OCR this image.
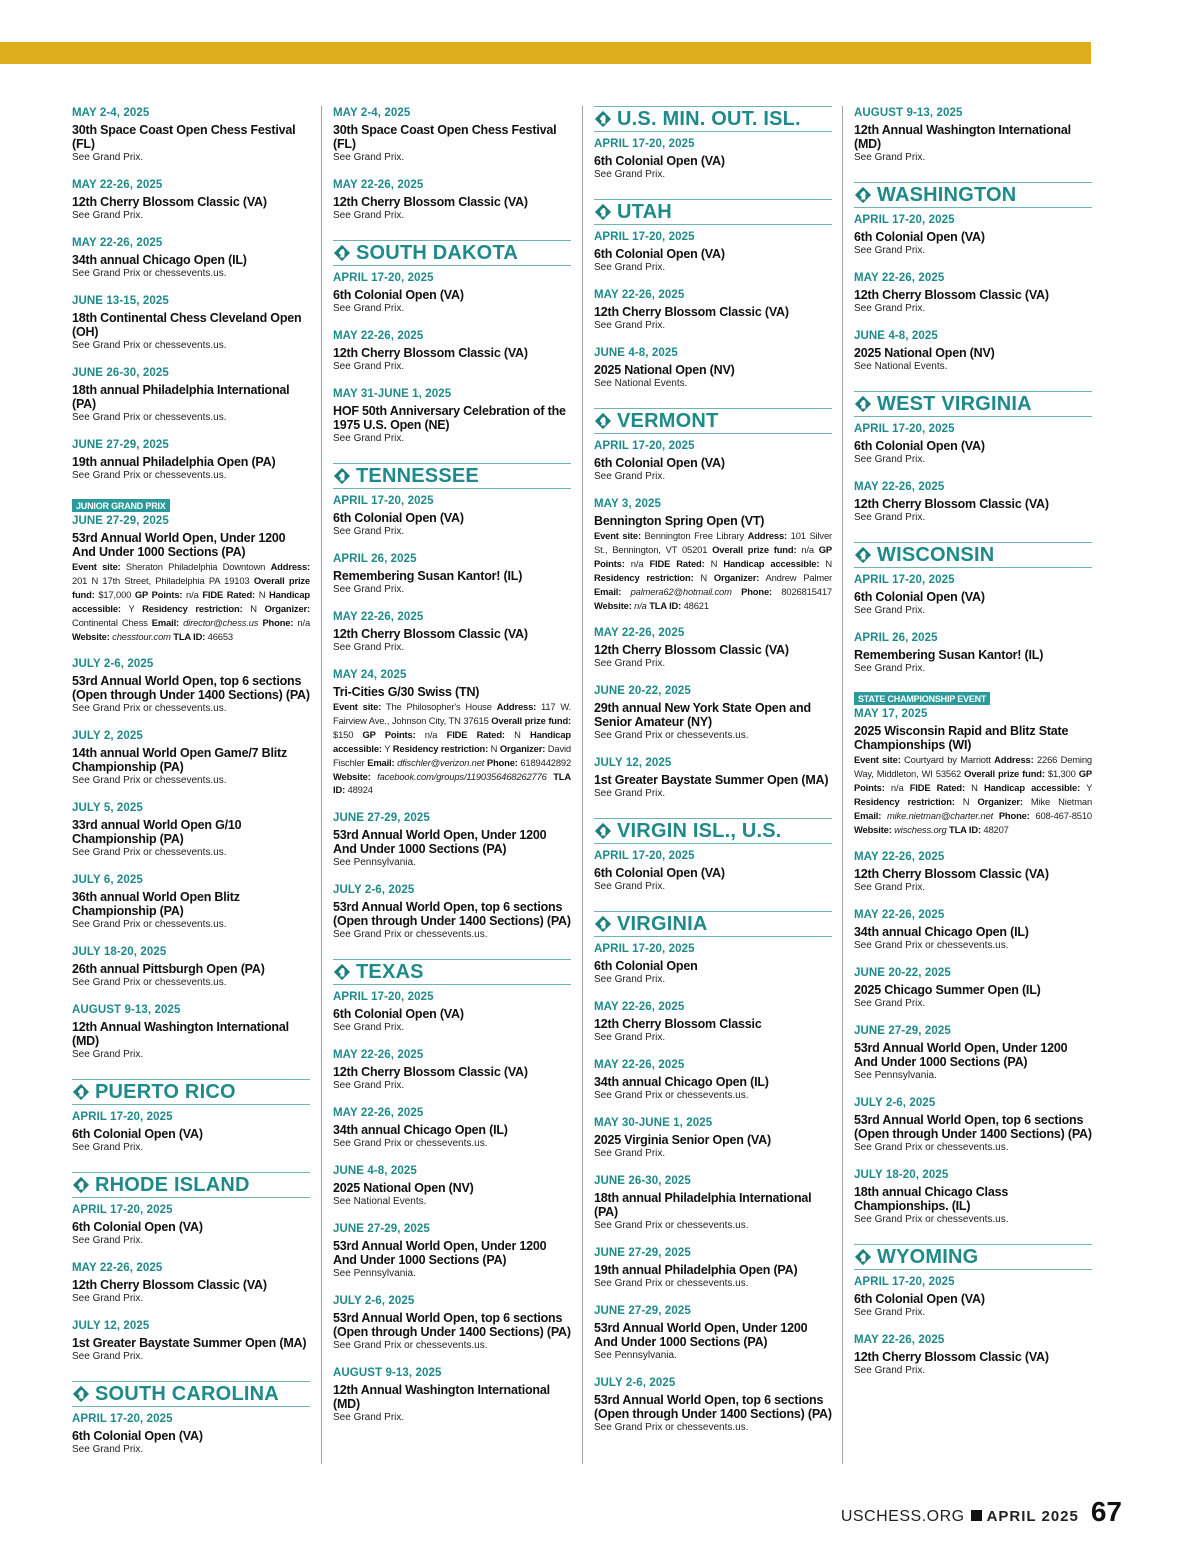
MAY 2-4, 2025
30th Space Coast Open Chess Festival (FL)
See Grand Prix.
MAY 22-26, 2025
12th Cherry Blossom Classic (VA)
See Grand Prix.
MAY 22-26, 2025
34th annual Chicago Open (IL)
See Grand Prix or chessevents.us.
JUNE 13-15, 2025
18th Continental Chess Cleveland Open (OH)
See Grand Prix or chessevents.us.
JUNE 26-30, 2025
18th annual Philadelphia International (PA)
See Grand Prix or chessevents.us.
JUNE 27-29, 2025
19th annual Philadelphia Open (PA)
See Grand Prix or chessevents.us.
JUNIOR GRAND PRIX
JUNE 27-29, 2025
53rd Annual World Open, Under 1200 And Under 1000 Sections (PA)
Event site: Sheraton Philadelphia Downtown Address: 201 N 17th Street, Philadelphia PA 19103 Overall prize fund: $17,000 GP Points: n/a FIDE Rated: N Handicap accessible: Y Residency restriction: N Organizer: Continental Chess Email: director@chess.us Phone: n/a Website: chesstour.com TLA ID: 46653
JULY 2-6, 2025
53rd Annual World Open, top 6 sections (Open through Under 1400 Sections) (PA)
See Grand Prix or chessevents.us.
JULY 2, 2025
14th annual World Open Game/7 Blitz Championship (PA)
See Grand Prix or chessevents.us.
JULY 5, 2025
33rd annual World Open G/10 Championship (PA)
See Grand Prix or chessevents.us.
JULY 6, 2025
36th annual World Open Blitz Championship (PA)
See Grand Prix or chessevents.us.
JULY 18-20, 2025
26th annual Pittsburgh Open (PA)
See Grand Prix or chessevents.us.
AUGUST 9-13, 2025
12th Annual Washington International (MD)
See Grand Prix.
PUERTO RICO
APRIL 17-20, 2025
6th Colonial Open (VA)
See Grand Prix.
RHODE ISLAND
APRIL 17-20, 2025
6th Colonial Open (VA)
See Grand Prix.
MAY 22-26, 2025
12th Cherry Blossom Classic (VA)
See Grand Prix.
JULY 12, 2025
1st Greater Baystate Summer Open (MA)
See Grand Prix.
SOUTH CAROLINA
APRIL 17-20, 2025
6th Colonial Open (VA)
See Grand Prix.
MAY 2-4, 2025
30th Space Coast Open Chess Festival (FL)
See Grand Prix.
MAY 22-26, 2025
12th Cherry Blossom Classic (VA)
See Grand Prix.
SOUTH DAKOTA
APRIL 17-20, 2025
6th Colonial Open (VA)
See Grand Prix.
MAY 22-26, 2025
12th Cherry Blossom Classic (VA)
See Grand Prix.
MAY 31-JUNE 1, 2025
HOF 50th Anniversary Celebration of the 1975 U.S. Open (NE)
See Grand Prix.
TENNESSEE
APRIL 17-20, 2025
6th Colonial Open (VA)
See Grand Prix.
APRIL 26, 2025
Remembering Susan Kantor! (IL)
See Grand Prix.
MAY 22-26, 2025
12th Cherry Blossom Classic (VA)
See Grand Prix.
MAY 24, 2025
Tri-Cities G/30 Swiss (TN)
Event site: The Philosopher's House Address: 117 W. Fairview Ave., Johnson City, TN 37615 Overall prize fund: $150 GP Points: n/a FIDE Rated: N Handicap accessible: Y Residency restriction: N Organizer: David Fischler Email: dfischler@verizon.net Phone: 6189442892 Website: facebook.com/groups/1190356468262776 TLA ID: 48924
JUNE 27-29, 2025
53rd Annual World Open, Under 1200 And Under 1000 Sections (PA)
See Pennsylvania.
JULY 2-6, 2025
53rd Annual World Open, top 6 sections (Open through Under 1400 Sections) (PA)
See Grand Prix or chessevents.us.
TEXAS
APRIL 17-20, 2025
6th Colonial Open (VA)
See Grand Prix.
MAY 22-26, 2025
12th Cherry Blossom Classic (VA)
See Grand Prix.
MAY 22-26, 2025
34th annual Chicago Open (IL)
See Grand Prix or chessevents.us.
JUNE 4-8, 2025
2025 National Open (NV)
See National Events.
JUNE 27-29, 2025
53rd Annual World Open, Under 1200 And Under 1000 Sections (PA)
See Pennsylvania.
JULY 2-6, 2025
53rd Annual World Open, top 6 sections (Open through Under 1400 Sections) (PA)
See Grand Prix or chessevents.us.
AUGUST 9-13, 2025
12th Annual Washington International (MD)
See Grand Prix.
U.S. MIN. OUT. ISL.
APRIL 17-20, 2025
6th Colonial Open (VA)
See Grand Prix.
UTAH
APRIL 17-20, 2025
6th Colonial Open (VA)
See Grand Prix.
MAY 22-26, 2025
12th Cherry Blossom Classic (VA)
See Grand Prix.
JUNE 4-8, 2025
2025 National Open (NV)
See National Events.
VERMONT
APRIL 17-20, 2025
6th Colonial Open (VA)
See Grand Prix.
MAY 3, 2025
Bennington Spring Open (VT)
Event site: Bennington Free Library Address: 101 Silver St., Bennington, VT 05201 Overall prize fund: n/a GP Points: n/a FIDE Rated: N Handicap accessible: N Residency restriction: N Organizer: Andrew Palmer Email: palmera62@hotmail.com Phone: 8026815417 Website: n/a TLA ID: 48621
MAY 22-26, 2025
12th Cherry Blossom Classic (VA)
See Grand Prix.
JUNE 20-22, 2025
29th annual New York State Open and Senior Amateur (NY)
See Grand Prix or chessevents.us.
JULY 12, 2025
1st Greater Baystate Summer Open (MA)
See Grand Prix.
VIRGIN ISL., U.S.
APRIL 17-20, 2025
6th Colonial Open (VA)
See Grand Prix.
VIRGINIA
APRIL 17-20, 2025
6th Colonial Open
See Grand Prix.
MAY 22-26, 2025
12th Cherry Blossom Classic
See Grand Prix.
MAY 22-26, 2025
34th annual Chicago Open (IL)
See Grand Prix or chessevents.us.
MAY 30-JUNE 1, 2025
2025 Virginia Senior Open (VA)
See Grand Prix.
JUNE 26-30, 2025
18th annual Philadelphia International (PA)
See Grand Prix or chessevents.us.
JUNE 27-29, 2025
19th annual Philadelphia Open (PA)
See Grand Prix or chessevents.us.
JUNE 27-29, 2025
53rd Annual World Open, Under 1200 And Under 1000 Sections (PA)
See Pennsylvania.
JULY 2-6, 2025
53rd Annual World Open, top 6 sections (Open through Under 1400 Sections) (PA)
See Grand Prix or chessevents.us.
AUGUST 9-13, 2025
12th Annual Washington International (MD)
See Grand Prix.
WASHINGTON
APRIL 17-20, 2025
6th Colonial Open (VA)
See Grand Prix.
MAY 22-26, 2025
12th Cherry Blossom Classic (VA)
See Grand Prix.
JUNE 4-8, 2025
2025 National Open (NV)
See National Events.
WEST VIRGINIA
APRIL 17-20, 2025
6th Colonial Open (VA)
See Grand Prix.
MAY 22-26, 2025
12th Cherry Blossom Classic (VA)
See Grand Prix.
WISCONSIN
APRIL 17-20, 2025
6th Colonial Open (VA)
See Grand Prix.
APRIL 26, 2025
Remembering Susan Kantor! (IL)
See Grand Prix.
STATE CHAMPIONSHIP EVENT
MAY 17, 2025
2025 Wisconsin Rapid and Blitz State Championships (WI)
Event site: Courtyard by Marriott Address: 2266 Deming Way, Middleton, WI 53562 Overall prize fund: $1,300 GP Points: n/a FIDE Rated: N Handicap accessible: Y Residency restriction: N Organizer: Mike Nietman Email: mike.nietman@charter.net Phone: 608-467-8510 Website: wischess.org TLA ID: 48207
MAY 22-26, 2025
12th Cherry Blossom Classic (VA)
See Grand Prix.
MAY 22-26, 2025
34th annual Chicago Open (IL)
See Grand Prix or chessevents.us.
JUNE 20-22, 2025
2025 Chicago Summer Open (IL)
See Grand Prix.
JUNE 27-29, 2025
53rd Annual World Open, Under 1200 And Under 1000 Sections (PA)
See Pennsylvania.
JULY 2-6, 2025
53rd Annual World Open, top 6 sections (Open through Under 1400 Sections) (PA)
See Grand Prix or chessevents.us.
JULY 18-20, 2025
18th annual Chicago Class Championships. (IL)
See Grand Prix or chessevents.us.
WYOMING
APRIL 17-20, 2025
6th Colonial Open (VA)
See Grand Prix.
MAY 22-26, 2025
12th Cherry Blossom Classic (VA)
See Grand Prix.
USCHESS.ORG APRIL 2025 67
